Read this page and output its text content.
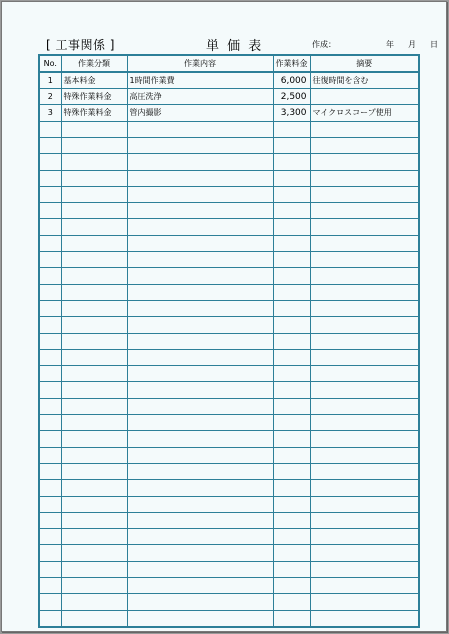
[ 工事関係 ]	単 価 表	作成：	年 月 日
No.	作業分類	作業内容	作業料金	摘要
1	基本料金	1時間作業費	6,000	往復時間を含む
2	特殊作業料金	高圧洗浄	2,500	
3	特殊作業料金	管内撮影	3,300	マイクロスコープ使用
